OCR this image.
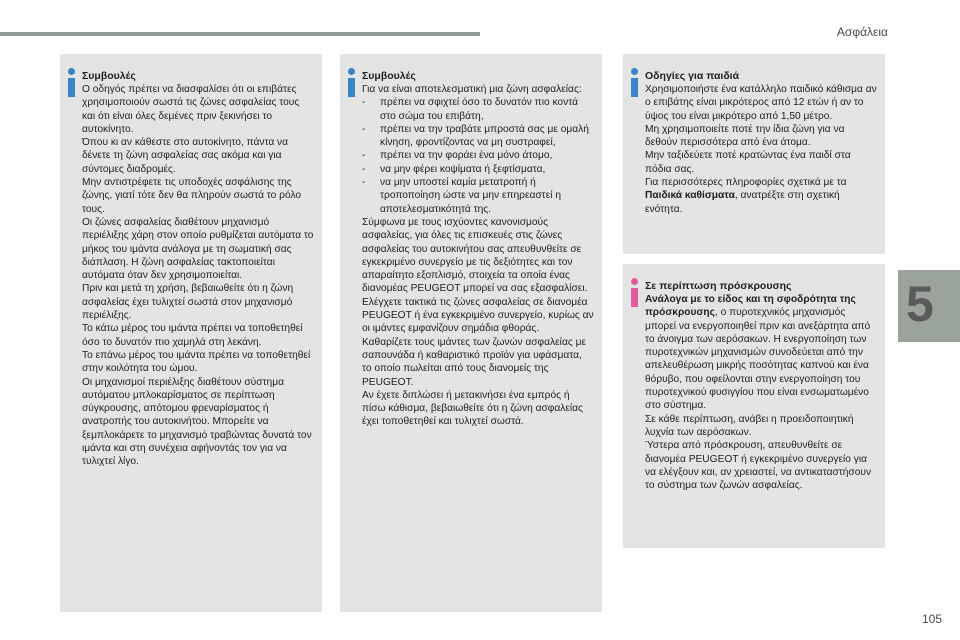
Ασφάλεια
5
Συμβουλές

Ο οδηγός πρέπει να διασφαλίσει ότι οι επιβάτες χρησιμοποιούν σωστά τις ζώνες ασφαλείας τους και ότι είναι όλες δεμένες πριν ξεκινήσει το αυτοκίνητο.

Όπου κι αν κάθεστε στο αυτοκίνητο, πάντα να δένετε τη ζώνη ασφαλείας σας ακόμα και για σύντομες διαδρομές.

Μην αντιστρέφετε τις υποδοχές ασφάλισης της ζώνης, γιατί τότε δεν θα πληρούν σωστά το ρόλο τους.

Οι ζώνες ασφαλείας διαθέτουν μηχανισμό περιέλιξης χάρη στον οποίο ρυθμίζεται αυτόματα το μήκος του ιμάντα ανάλογα με τη σωματική σας διάπλαση. Η ζώνη ασφαλείας τακτοποιείται αυτόματα όταν δεν χρησιμοποιείται.

Πριν και μετά τη χρήση, βεβαιωθείτε ότι η ζώνη ασφαλείας έχει τυλιχτεί σωστά στον μηχανισμό περιέλιξης.

Το κάτω μέρος του ιμάντα πρέπει να τοποθετηθεί όσο το δυνατόν πιο χαμηλά στη λεκάνη.

Το επάνω μέρος του ιμάντα πρέπει να τοποθετηθεί στην κοιλότητα του ώμου.

Οι μηχανισμοί περιέλιξης διαθέτουν σύστημα αυτόματου μπλοκαρίσματος σε περίπτωση σύγκρουσης, απότομου φρεναρίσματος ή ανατροπής του αυτοκινήτου. Μπορείτε να ξεμπλοκάρετε το μηχανισμό τραβώντας δυνατά τον ιμάντα και στη συνέχεια αφήνοντάς τον για να τυλιχτεί λίγο.

Συμβουλές

Για να είναι αποτελεσματική μια ζώνη ασφαλείας:

- πρέπει να σφιχτεί όσο το δυνατόν πιο κοντά στο σώμα του επιβάτη,
- πρέπει να την τραβάτε μπροστά σας με ομαλή κίνηση, φροντίζοντας να μη συστραφεί,
- πρέπει να την φοράει ένα μόνο άτομο,
- να μην φέρει κοψίματα ή ξεφτίσματα,
- να μην υποστεί καμία μετατροπή ή τροποποίηση ώστε να μην επηρεαστεί η αποτελεσματικότητά της.

Σύμφωνα με τους ισχύοντες κανονισμούς ασφαλείας, για όλες τις επισκευές στις ζώνες ασφαλείας του αυτοκινήτου σας απευθυνθείτε σε εγκεκριμένο συνεργείο με τις δεξιότητες και τον απαραίτητο εξοπλισμό, στοιχεία τα οποία ένας διανομέας PEUGEOT μπορεί να σας εξασφαλίσει.

Ελέγχετε τακτικά τις ζώνες ασφαλείας σε διανομέα PEUGEOT ή ένα εγκεκριμένο συνεργείο, κυρίως αν οι ιμάντες εμφανίζουν σημάδια φθοράς.

Καθαρίζετε τους ιμάντες των ζωνών ασφαλείας με σαπουνάδα ή καθαριστικό προϊόν για υφάσματα, το οποίο πωλείται από τους διανομείς της PEUGEOT.

Αν έχετε διπλώσει ή μετακινήσει ένα εμπρός ή πίσω κάθισμα, βεβαιωθείτε ότι η ζώνη ασφαλείας έχει τοποθετηθεί και τυλιχτεί σωστά.

Οδηγίες για παιδιά

Χρησιμοποιήστε ένα κατάλληλο παιδικό κάθισμα αν ο επιβάτης είναι μικρότερος από 12 ετών ή αν το ύψος του είναι μικρότερο από 1,50 μέτρο.

Μη χρησιμοποιείτε ποτέ την ίδια ζώνη για να δεθούν περισσότερα από ένα άτομα.

Μην ταξιδεύετε ποτέ κρατώντας ένα παιδί στα πόδια σας.

Για περισσότερες πληροφορίες σχετικά με τα Παιδικά καθίσματα, ανατρέξτε στη σχετική ενότητα.

Σε περίπτωση πρόσκρουσης

Ανάλογα με το είδος και τη σφοδρότητα της πρόσκρουσης, ο πυροτεχνικός μηχανισμός μπορεί να ενεργοποιηθεί πριν και ανεξάρτητα από το άνοιγμα των αερόσακων. Η ενεργοποίηση των πυροτεχνικών μηχανισμών συνοδεύεται από την απελευθέρωση μικρής ποσότητας καπνού και ένα θόρυβο, που οφείλονται στην ενεργοποίηση του πυροτεχνικού φυσιγγίου που είναι ενσωματωμένο στο σύστημα.

Σε κάθε περίπτωση, ανάβει η προειδοποιητική λυχνία των αερόσακων.

Ύστερα από πρόσκρουση, απευθυνθείτε σε διανομέα PEUGEOT ή εγκεκριμένο συνεργείο για να ελέγξουν και, αν χρειαστεί, να αντικαταστήσουν το σύστημα των ζωνών ασφαλείας.

105
